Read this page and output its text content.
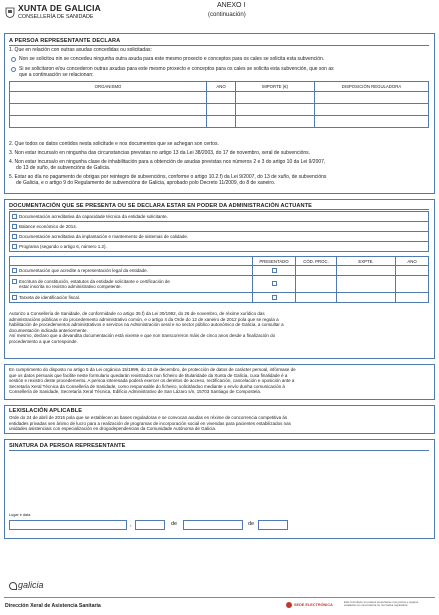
XUNTA DE GALICIA
CONSELLERÍA DE SANIDADE
ANEXO I
(continuación)
A PERSOA REPRESENTANTE DECLARA
1. Que en relación con outras axudas concedidas ou solicitadas:
Non se solicitou nin se concedeu ningunha outra axuda para este mesmo proxecto e conceptos para os cales se solicita esta subvención.
Si se solicitaron e/ou concederon outras axudas para este mesmo proxecto e conceptos para os cales se solicita esta subvención, que son as
que a continuación se relacionan:
ORGANISMO	ANO	IMPORTE (€)	DISPOSICIÓN REGULADORA

2. Que todos os datos contidos nesta solicitude e nos documentos que se achegan son certos.
3. Non estar incursa/o en ningunha das circunstancias previstas no artigo 13 da Lei 38/2003, do 17 de novembro, xeral de subvencións.
4. Non estar incursa/o en ningunha clase de inhabilitación para a obtención de axudas previstas nos números 2 e 3 do artigo 10 da Lei 9/2007,
do 13 de xuño, de subvencións de Galicia.
5. Estar ao día no pagamento de obrigas por reintegro de subvencións, conforme o artigo 10.2.f) da Lei 9/2007, do 13 de xuño, de subvencións
de Galicia, e o artigo 9 do Regulamento de subvencións de Galicia, aprobado polo Decreto 11/2009, do 8 de xaneiro.
DOCUMENTACIÓN QUE SE PRESENTA OU SE DECLARA ESTAR EN PODER DA ADMINISTRACIÓN ACTUANTE
Documentación acreditativa da capacidade técnica da entidade solicitante.
Balance económico de 2014.
Documentación acreditativa da implantación e mantemento de sistemas de calidade.
Programa (segundo o artigo 6, número 1.2).
	PRESENTADO	CÓD. PROC.	EXPTE.	ANO
Documentación que acredite a representación legal da entidade.				
Escritura de constitución, estatutos da entidade solicitante e certificación de
estar inscrita no rexistro administrativo competente.				
Tarxeta de identificación fiscal.				
Autorizo a Consellería de Sanidade, de conformidade co artigo 35.f) da Lei 30/1992, do 26 de novembro, de réxime xurídico das
administracións públicas e do procedemento administrativo común, e o artigo 4 da Orde do 12 de xaneiro de 2012 pola que se regula a
habilitación de procedementos administrativos e servizos na Administración xeral e no sector público autonómico de Galicia, a consultar a
documentación indicada anteriormente.
Así mesmo, declaro que a devandita documentación está vixente e que non transcorreron máis de cinco anos desde a finalización do
procedemento a que corresponde.
En cumprimento do disposto no artigo 5 da Lei orgánica 15/1999, do 13 de decembro, de protección de datos de carácter persoal, infórmase de
que os datos persoais que facilite neste formulario quedarán rexistrados nun ficheiro de titularidade da Xunta de Galicia, cuxa finalidade é a
xestión e rexistro deste procedemento. A persoa interesada poderá exercer os dereitos de acceso, rectificación, cancelación e oposición ante a
Secretaría Xeral Técnica da Consellería de Sanidade, como responsable do ficheiro, solicitándoo mediante o envío dunha comunicación á
Consellería de Sanidade, Secretaría Xeral Técnica, Edificio Administrativo de San Lázaro s/n, 15703 Santiago de Compostela.
LEXISLACIÓN APLICABLE
Orde do 24 de abril de 2015 pola que se establecen as bases reguladoras e se convocan axudas en réxime de concorrencia competitiva ás
entidades privadas sen ánimo de lucro para a realización de programas de incorporación social en vivendas para pacientes estabilizados nas
unidades asistenciais con especialización en drogodependencias da Comunidade Autónoma de Galicia.
SINATURA DA PERSOA REPRESENTANTE
Lugar e data
,	de	de
galicia
Dirección Xeral de Asistencia Sanitaria	SEDE ELECTRÓNICA
Este formulario só poderá presentarse nos prazos e lugares
sinalados na convocatoria ou normativa reguladora
